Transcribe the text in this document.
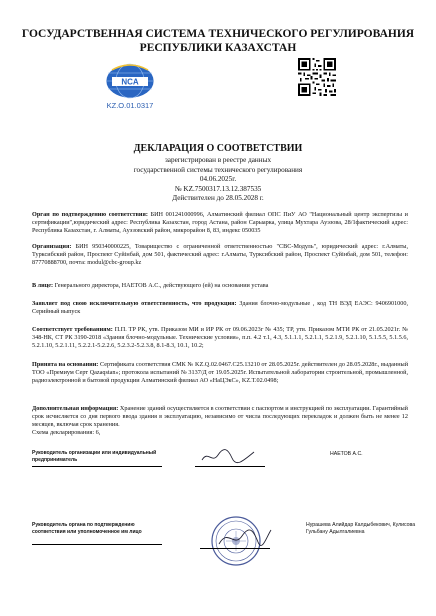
ГОСУДАРСТВЕННАЯ СИСТЕМА ТЕХНИЧЕСКОГО РЕГУЛИРОВАНИЯ
РЕСПУБЛИКИ КАЗАХСТАН
NCA
KZ.O.01.0317
ДЕКЛАРАЦИЯ О СООТВЕТСТВИИ
зарегистрирован в реестре данных
государственной системы технического регулирования
04.06.2025г.
№ KZ.7500317.13.12.387535
Действителен до 28.05.2028 г.
Орган по подтверждению соответствия: БИН 001241000996, Алматинский филиал ОПС ПиУ АО "Национальный центр экспертизы и сертификации",юридический адрес: Республика Казахстан, город Астана, район Сарыарка, улица Мухтара Ауэзова, 28/1фактический адрес: Республика Казахстан, г. Алматы, Ауэзовский район, микрорайон 8, 83, индекс 050035
Организация: БИН 950340000225, Товарищество с ограниченной ответственностью "СВС-Модуль", юридический адрес: г.Алматы, Турксибский район, Проспект Суйінбай, дом 501, фактический адрес: г.Алматы, Турксибский район, Проспект Суйінбай, дом 501, телефон: 87770888700, почта: modul@cbc-group.kz
В лице: Генерального директора, НАЕТОВ А.С., действующего (ей) на основании устава
Заявляет под свою исключительную ответственность, что продукция: Здания блочно-модульные , код ТН ВЭД ЕАЭС: 9406901000, Серийный выпуск
Соответствует требованиям: П.П. ТР РК, утв. Приказом МИ и ИР РК от 09.06.2023г № 435; ТР, утв. Приказом МТИ РК от 21.05.2021г. № 348-НК, СТ РК 3190-2018 «Здания блочно-модульные. Технические условия», п.п. 4.2 т.1, 4.3, 5.1.1.1, 5.2.1.1, 5.2.1.9, 5.2.1.10, 5.1.5.5, 5.1.5.6, 5.2.1.10, 5.2.1.11, 5.2.2.1-5.2.2.6, 5.2.3.2-5.2.3.8, 8.1-8.3, 10.1, 10.2;
Принята на основании: Сертификата соответствия СМК № KZ.Q.02.0467.C25.13210 от 28.05.2025г. действителен до 28.05.2028г., выданный ТОО «Премиум Серт Qazaqstan»; протокола испытаний № 3137/Д от 19.05.2025г. Испытательной лаборатории строительной, промышленной, радиоэлектронной и бытовой продукции Алматинский филиал АО «НаЦЭкС», KZ.T.02.0498;
Дополнительная информация: Хранение зданий осуществляется в соответствии с паспортом и инструкцией по эксплуатации. Гарантийный срок исчисляется со дня первого ввода здания в эксплуатацию, независимо от числа последующих перекладок и должен быть не менее 12 месяцев, включая срок хранения.
Схема декларирования: 6,
Руководитель организации или индивидуальный предприниматель
НАЕТОВ А.С.
Руководитель органа по подтверждению соответствия или уполномоченное им лицо
Нурашева Алийдар Калдыбекович, Кулисова
Гульбану Адылгалиевна
